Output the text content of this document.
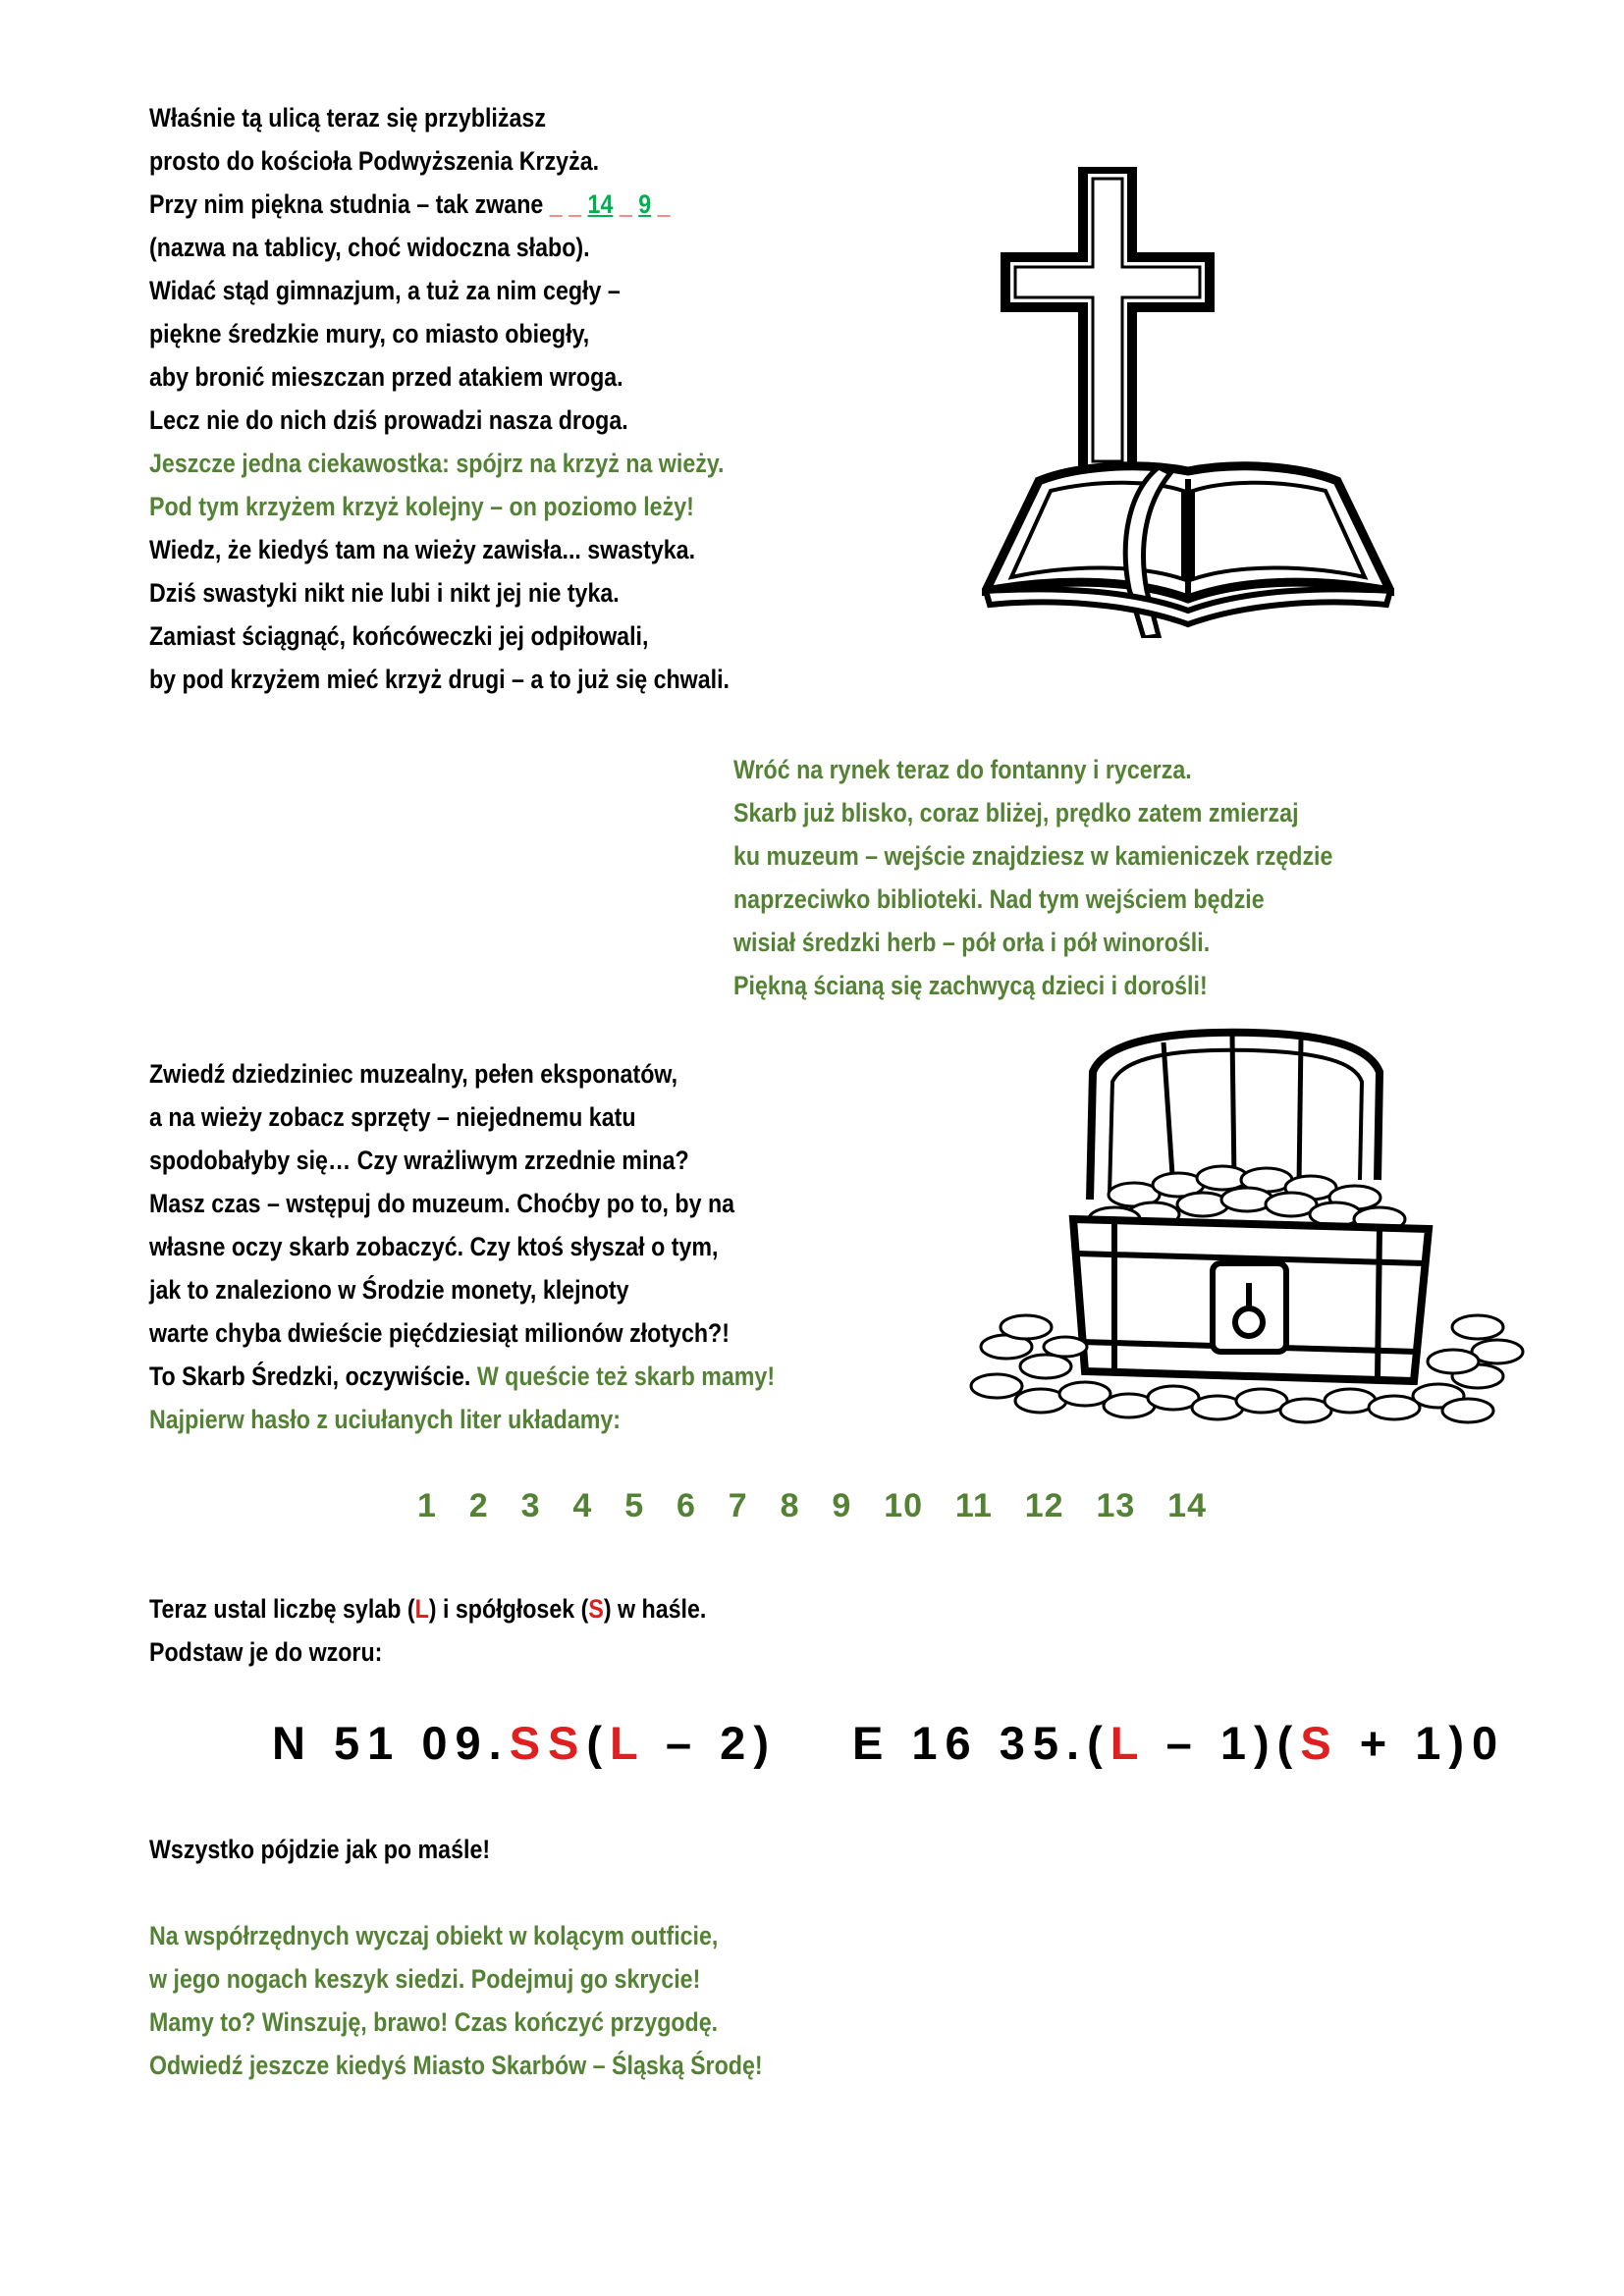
Właśnie tą ulicą teraz się przybliżasz
prosto do kościoła Podwyższenia Krzyża.
Przy nim piękna studnia – tak zwane _ _ 14 _ 9 _
(nazwa na tablicy, choć widoczna słabo).
Widać stąd gimnazjum, a tuż za nim cegły –
piękne średzkie mury, co miasto obiegły,
aby bronić mieszczan przed atakiem wroga.
Lecz nie do nich dziś prowadzi nasza droga.
Jeszcze jedna ciekawostka: spójrz na krzyż na wieży.
Pod tym krzyżem krzyż kolejny – on poziomo leży!
Wiedz, że kiedyś tam na wieży zawisła... swastyka.
Dziś swastyki nikt nie lubi i nikt jej nie tyka.
Zamiast ściągnąć, końcóweczki jej odpiłowali,
by pod krzyżem mieć krzyż drugi – a to już się chwali.
Wróć na rynek teraz do fontanny i rycerza.
Skarb już blisko, coraz bliżej, prędko zatem zmierzaj
ku muzeum – wejście znajdziesz w kamieniczek rzędzie
naprzeciwko biblioteki. Nad tym wejściem będzie
wisiał średzki herb – pół orła i pół winorośli.
Piękną ścianą się zachwycą dzieci i dorośli!
Zwiedź dziedziniec muzealny, pełen eksponatów,
a na wieży zobacz sprzęty – niejednemu katu
spodobałyby się… Czy wrażliwym zrzednie mina?
Masz czas – wstępuj do muzeum. Choćby po to, by na
własne oczy skarb zobaczyć. Czy ktoś słyszał o tym,
jak to znaleziono w Środzie monety, klejnoty
warte chyba dwieście pięćdziesiąt milionów złotych?!
To Skarb Średzki, oczywiście. W queście też skarb mamy!
Najpierw hasło z uciułanych liter układamy:
1  2  3  4  5  6  7  8  9  10  11  12  13  14
Teraz ustal liczbę sylab (L) i spółgłosek (S) w haśle.
Podstaw je do wzoru:
N 51 09.SS(L – 2) E 16 35.(L – 1)(S + 1)0
Wszystko pójdzie jak po maśle!
Na współrzędnych wyczaj obiekt w kolącym outficie,
w jego nogach keszyk siedzi. Podejmuj go skrycie!
Mamy to? Winszuję, brawo! Czas kończyć przygodę.
Odwiedź jeszcze kiedyś Miasto Skarbów – Śląską Środę!
